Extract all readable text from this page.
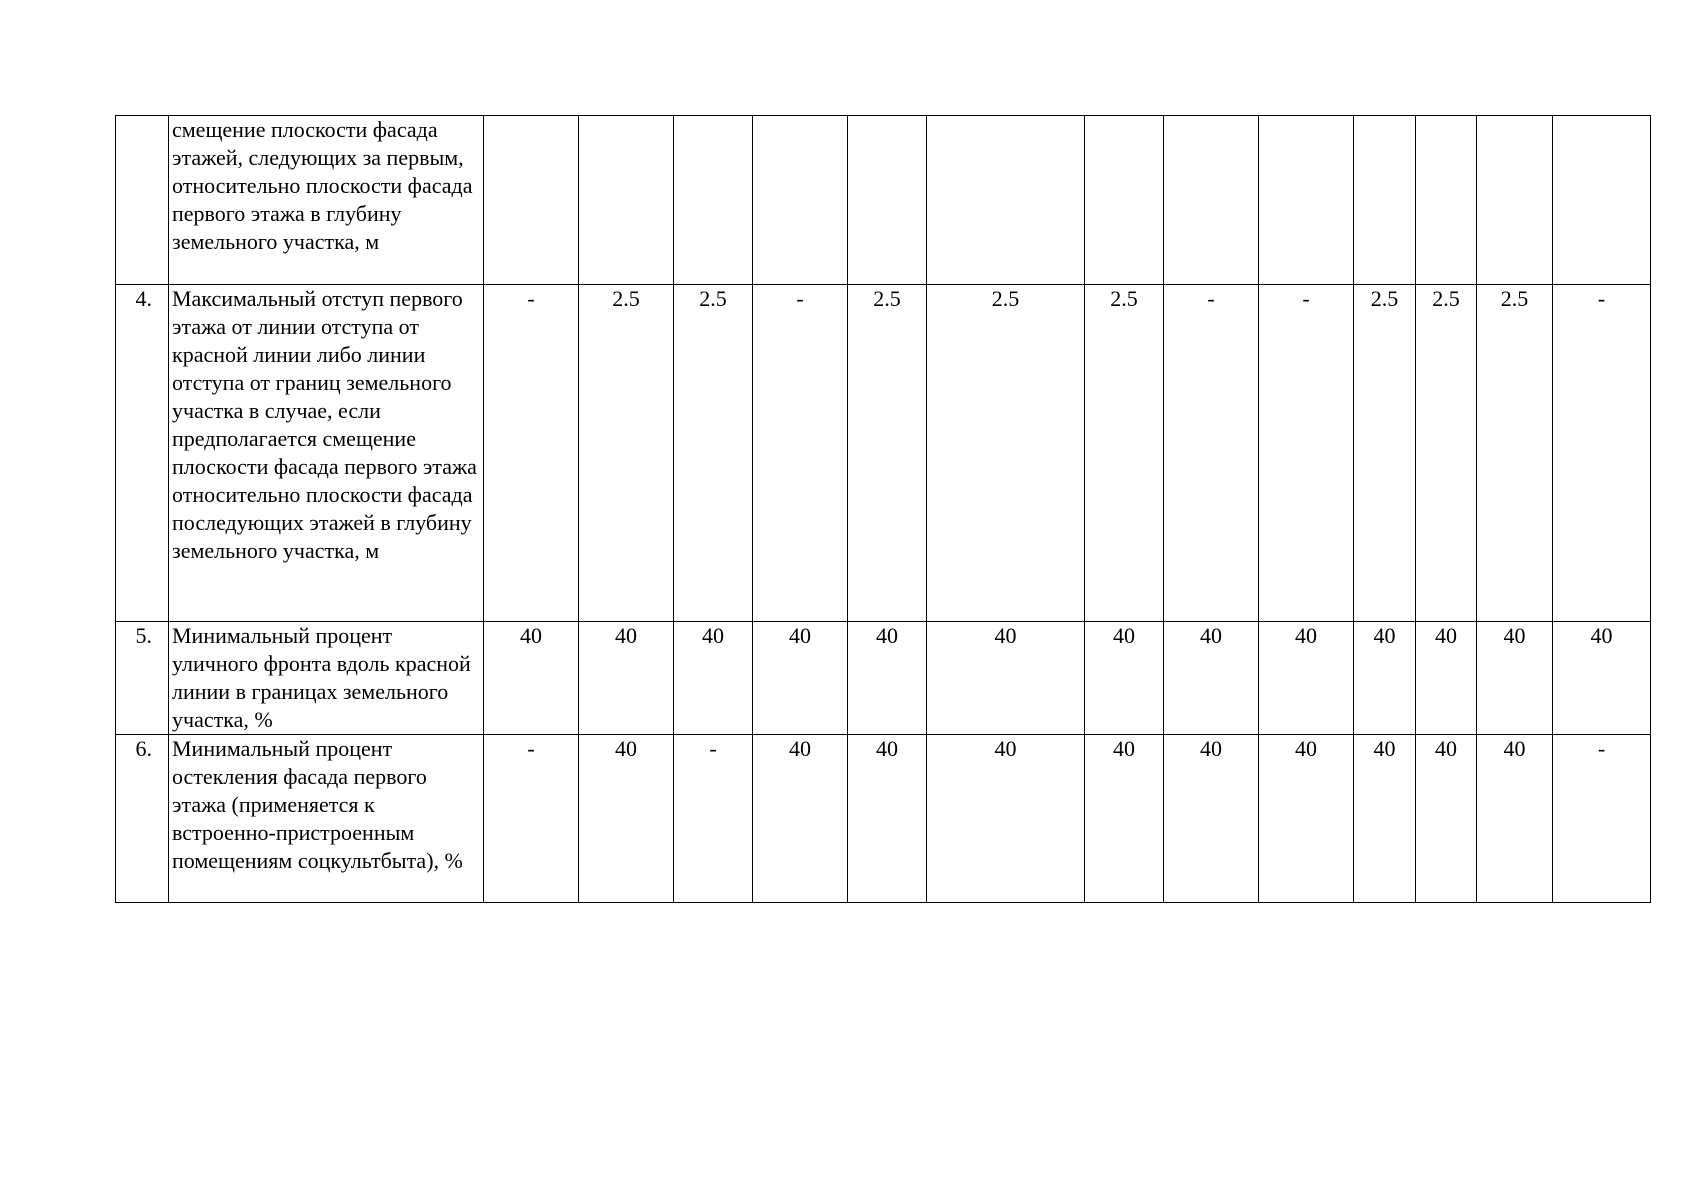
	смещение плоскости фасада этажей, следующих за первым, относительно плоскости фасада первого этажа в глубину земельного участка, м													
4.	Максимальный отступ первого этажа от линии отступа от красной линии либо линии отступа от границ земельного участка в случае, если предполагается смещение плоскости фасада первого этажа относительно плоскости фасада последующих этажей в глубину земельного участка, м	-	2.5	2.5	-	2.5	2.5	2.5	-	-	2.5	2.5	2.5	-
5.	Минимальный процент уличного фронта вдоль красной линии в границах земельного участка, %	40	40	40	40	40	40	40	40	40	40	40	40	40
6.	Минимальный процент остекления фасада первого этажа (применяется к встроенно-пристроенным помещениям соцкультбыта), %	-	40	-	40	40	40	40	40	40	40	40	40	-
